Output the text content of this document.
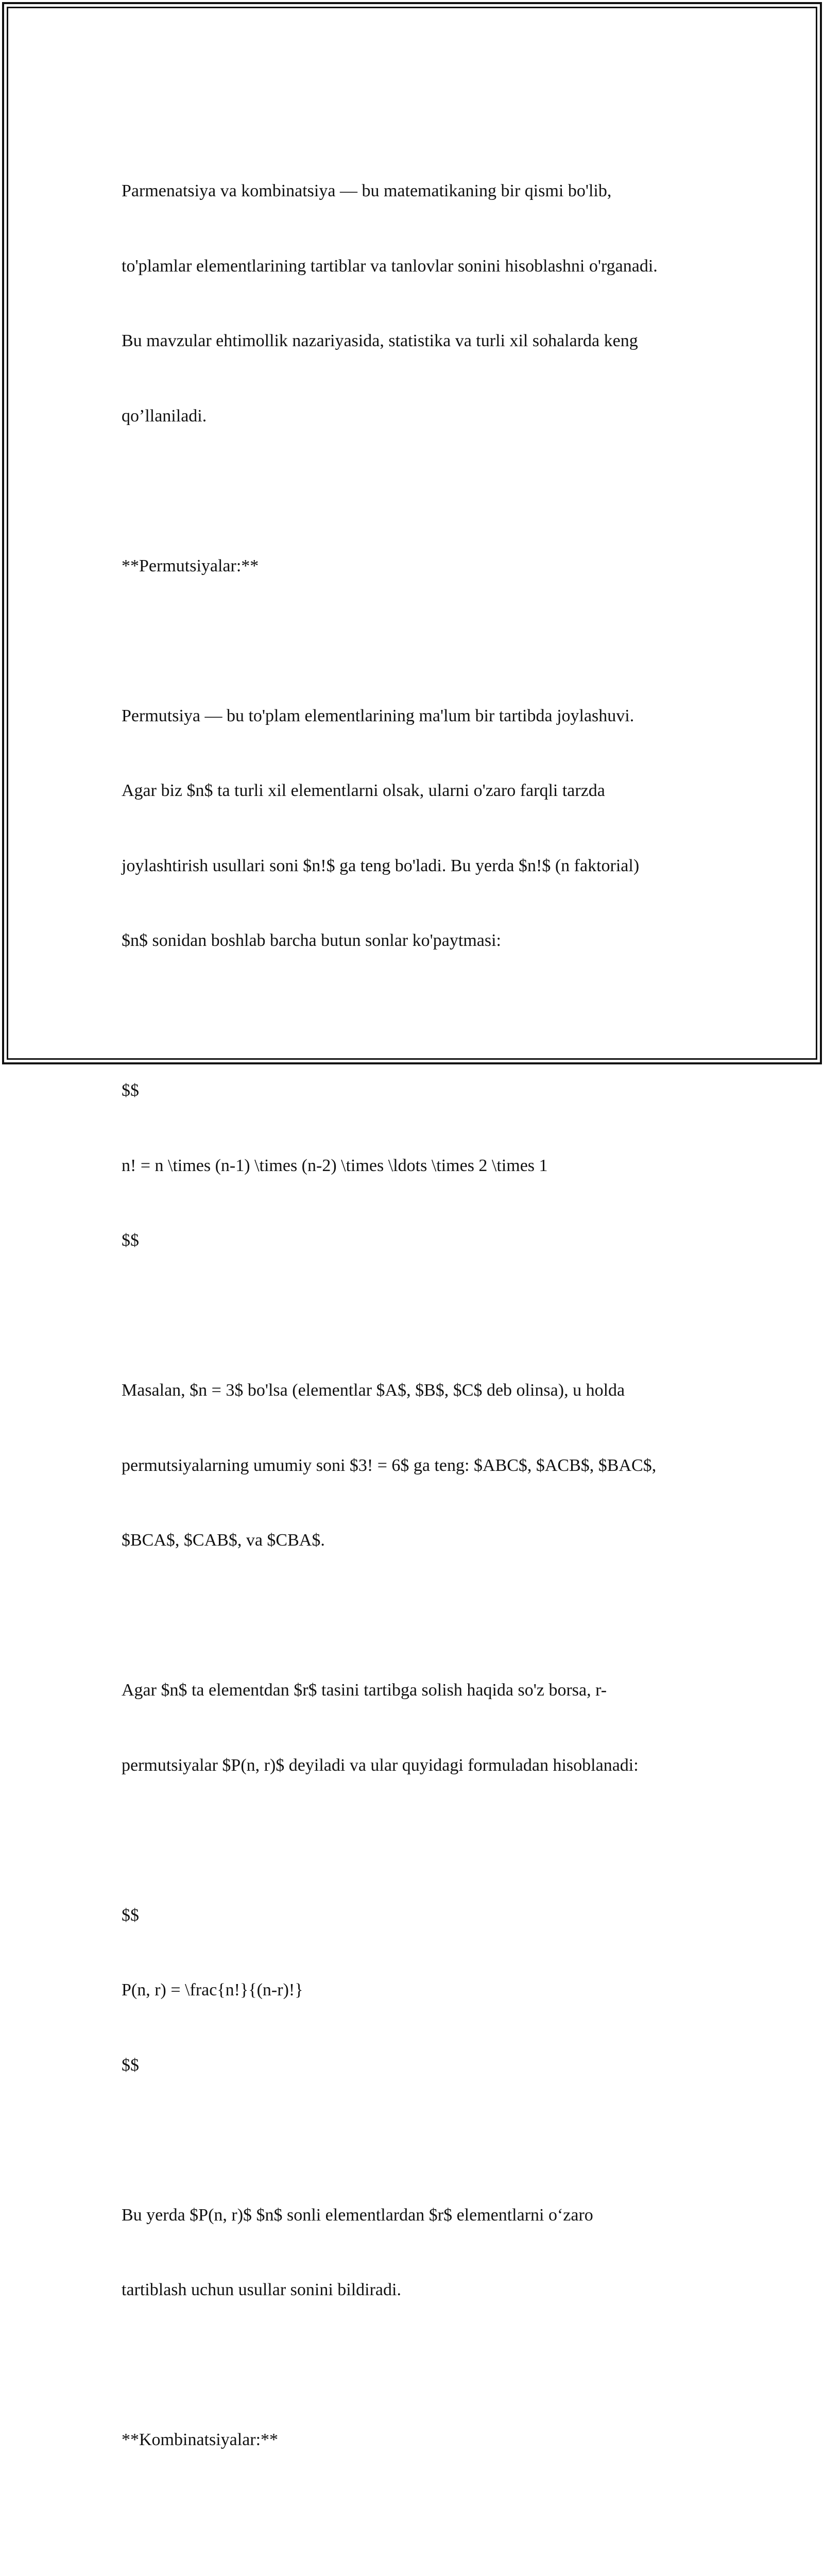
Parmenatsiya va kombinatsiya — bu matematikaning bir qismi bo'lib,

to'plamlar elementlarining tartiblar va tanlovlar sonini hisoblashni o'rganadi.

Bu mavzular ehtimollik nazariyasida, statistika va turli xil sohalarda keng

qo’llaniladi.

**Permutsiyalar:**

Permutsiya — bu to'plam elementlarining ma'lum bir tartibda joylashuvi.

Agar biz $n$ ta turli xil elementlarni olsak, ularni o'zaro farqli tarzda

joylashtirish usullari soni $n!$ ga teng bo'ladi. Bu yerda $n!$ (n faktorial)

$n$ sonidan boshlab barcha butun sonlar ko'paytmasi:

$$

n! = n \times (n-1) \times (n-2) \times \ldots \times 2 \times 1

$$

Masalan, $n = 3$ bo'lsa (elementlar $A$, $B$, $C$ deb olinsa), u holda

permutsiyalarning umumiy soni $3! = 6$ ga teng: $ABC$, $ACB$, $BAC$,

$BCA$, $CAB$, va $CBA$.

Agar $n$ ta elementdan $r$ tasini tartibga solish haqida so'z borsa, r-

permutsiyalar $P(n, r)$ deyiladi va ular quyidagi formuladan hisoblanadi:

$$

P(n, r) = \frac{n!}{(n-r)!}

$$

Bu yerda $P(n, r)$ $n$ sonli elementlardan $r$ elementlarni o‘zaro

tartiblash uchun usullar sonini bildiradi.

**Kombinatsiyalar:**
